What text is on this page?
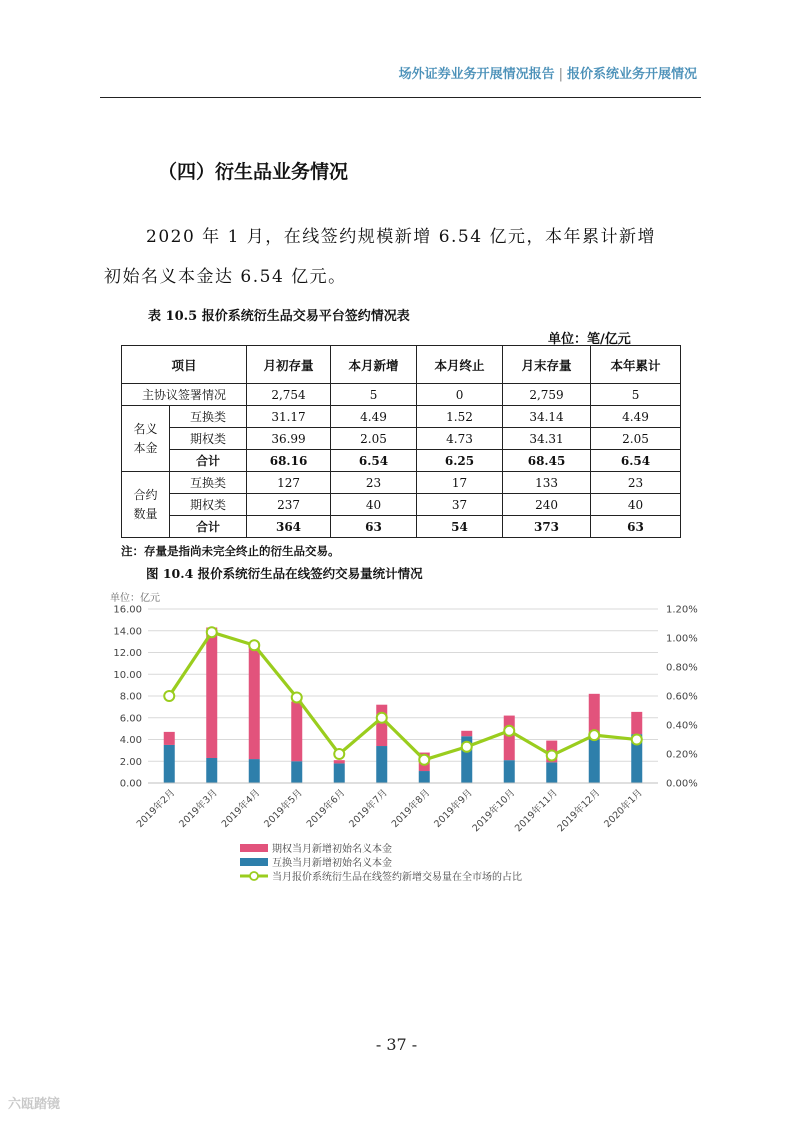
场外证券业务开展情况报告 | 报价系统业务开展情况
（四）衍生品业务情况
2020 年 1 月，在线签约规模新增 6.54 亿元，本年累计新增
初始名义本金达 6.54 亿元。
表 10.5 报价系统衍生品交易平台签约情况表
单位：笔/亿元
项目		月初存量	本月新增	本月终止	月末存量	本年累计
主协议签署情况		2,754	5	0	2,759	5

名义
本金	互换类	31.17	4.49	1.52	34.14	4.49
	期权类	36.99	2.05	4.73	34.31	2.05
	合计	68.16	6.54	6.25	68.45	6.54

合约
数量	互换类	127	23	17	133	23
	期权类	237	40	37	240	40
	合计	364	63	54	373	63
注：存量是指尚未完全终止的衍生品交易。
图 10.4 报价系统衍生品在线签约交易量统计情况
单位：亿元
0.00
2.00
4.00
6.00
8.00
10.00
12.00
14.00
16.00
0.00%
0.20%
0.40%
0.60%
0.80%
1.00%
1.20%
2019年2月 2019年3月 2019年4月 2019年5月 2019年6月 2019年7月 2019年8月 2019年9月
2019年10月
2019年11月
2019年12月 2020年1月
期权当月新增初始名义本金
互换当月新增初始名义本金
当月报价系统衍生品在线签约新增交易量在全市场的占比
- 37 -
六瓯踏镜
